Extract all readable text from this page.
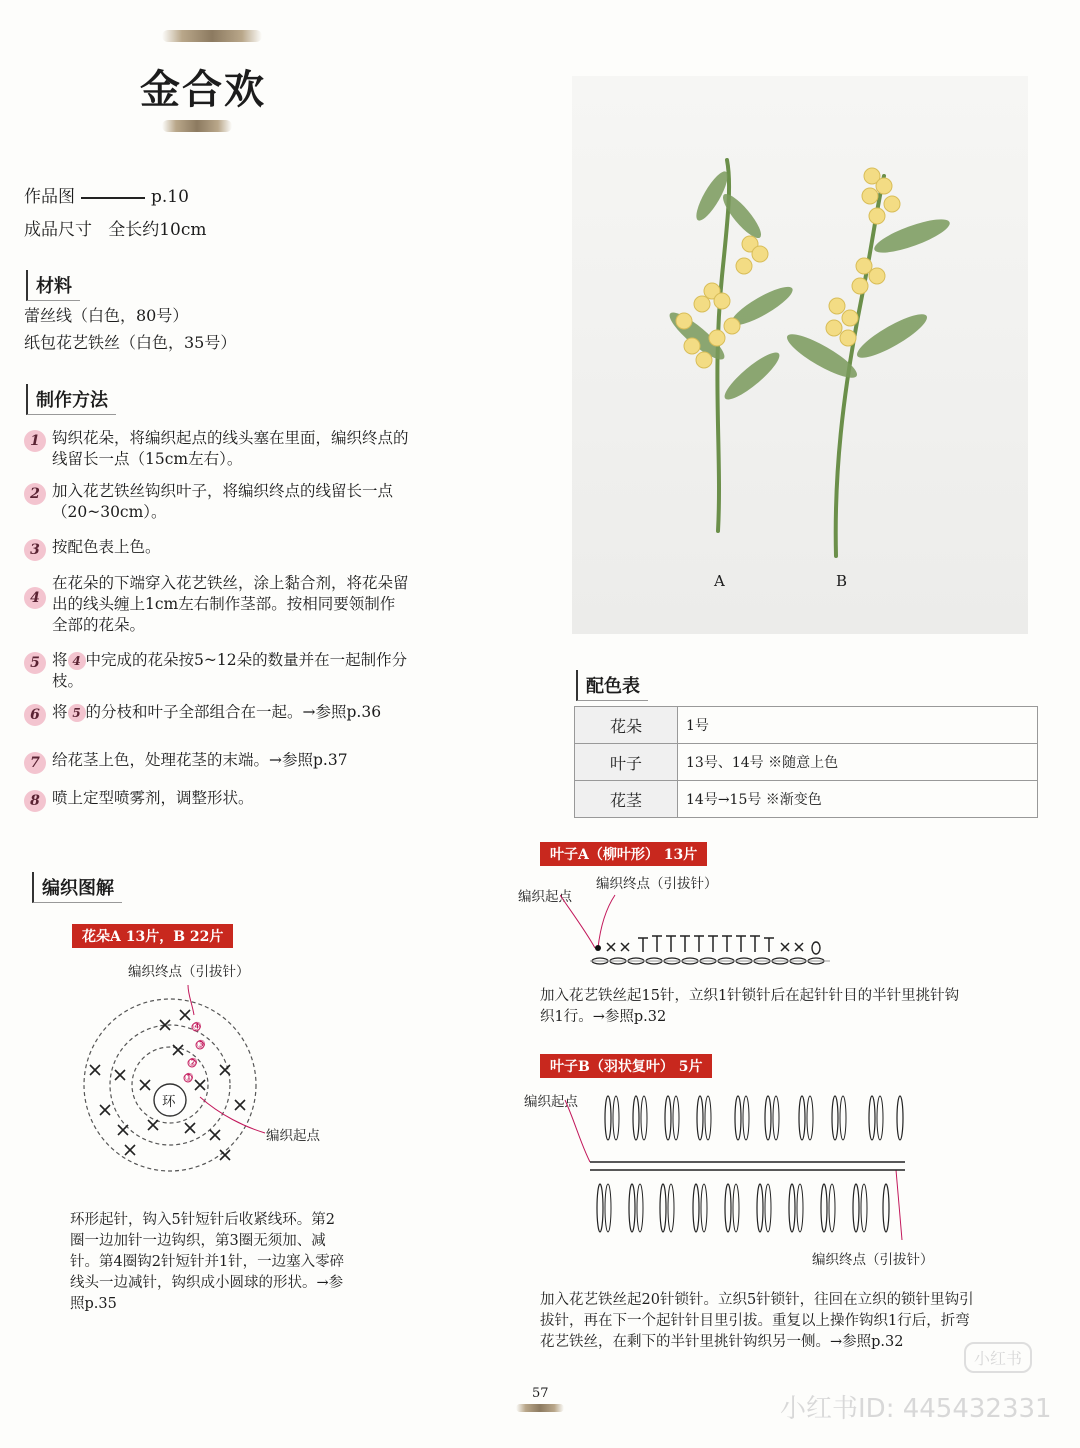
金合欢
作品图	p.10
成品尺寸 全长约10cm
材料
蕾丝线（白色，80号）
纸包花艺铁丝（白色，35号）
制作方法
1 钩织花朵，将编织起点的线头塞在里面，编织终点的线留长一点（15cm左右）。
2 加入花艺铁丝钩织叶子，将编织终点的线留长一点（20~30cm）。
3 按配色表上色。
4
在花朵的下端穿入花艺铁丝，涂上黏合剂，将花朵留出的线头缠上1cm左右制作茎部。按相同要领制作全部的花朵。
5 将 4 中完成的花朵按5~12朵的数量并在一起制作分枝。
6 将 5 的分枝和叶子全部组合在一起。→参照p.36
7 给花茎上色，处理花茎的末端。→参照p.37
8 喷上定型喷雾剂，调整形状。
编织图解
花朵A 13片，B 22片
编织终点（引拔针）
环
④
③
②
①
编织起点
环形起针，钩入5针短针后收紧线环。第2圈一边加针一边钩织，第3圈无须加、减针。第4圈钩2针短针并1针，一边塞入零碎线头一边减针，钩织成小圆球的形状。→参照p.35
A	B
配色表
花朵	1号
叶子	13号、14号 ※随意上色
花茎	14号→15号 ※渐变色
叶子A（柳叶形） 13片
编织终点（引拔针）
编织起点
加入花艺铁丝起15针，立织1针锁针后在起针针目的半针里挑针钩织1行。→参照p.32
叶子B（羽状复叶） 5片
编织起点
编织终点（引拔针）
加入花艺铁丝起20针锁针。立织5针锁针，往回在立织的锁针里钩引拔针，再在下一个起针针目里引拔。重复以上操作钩织1行后，折弯花艺铁丝，在剩下的半针里挑针钩织另一侧。→参照p.32
57
小红书
小红书ID: 445432331
